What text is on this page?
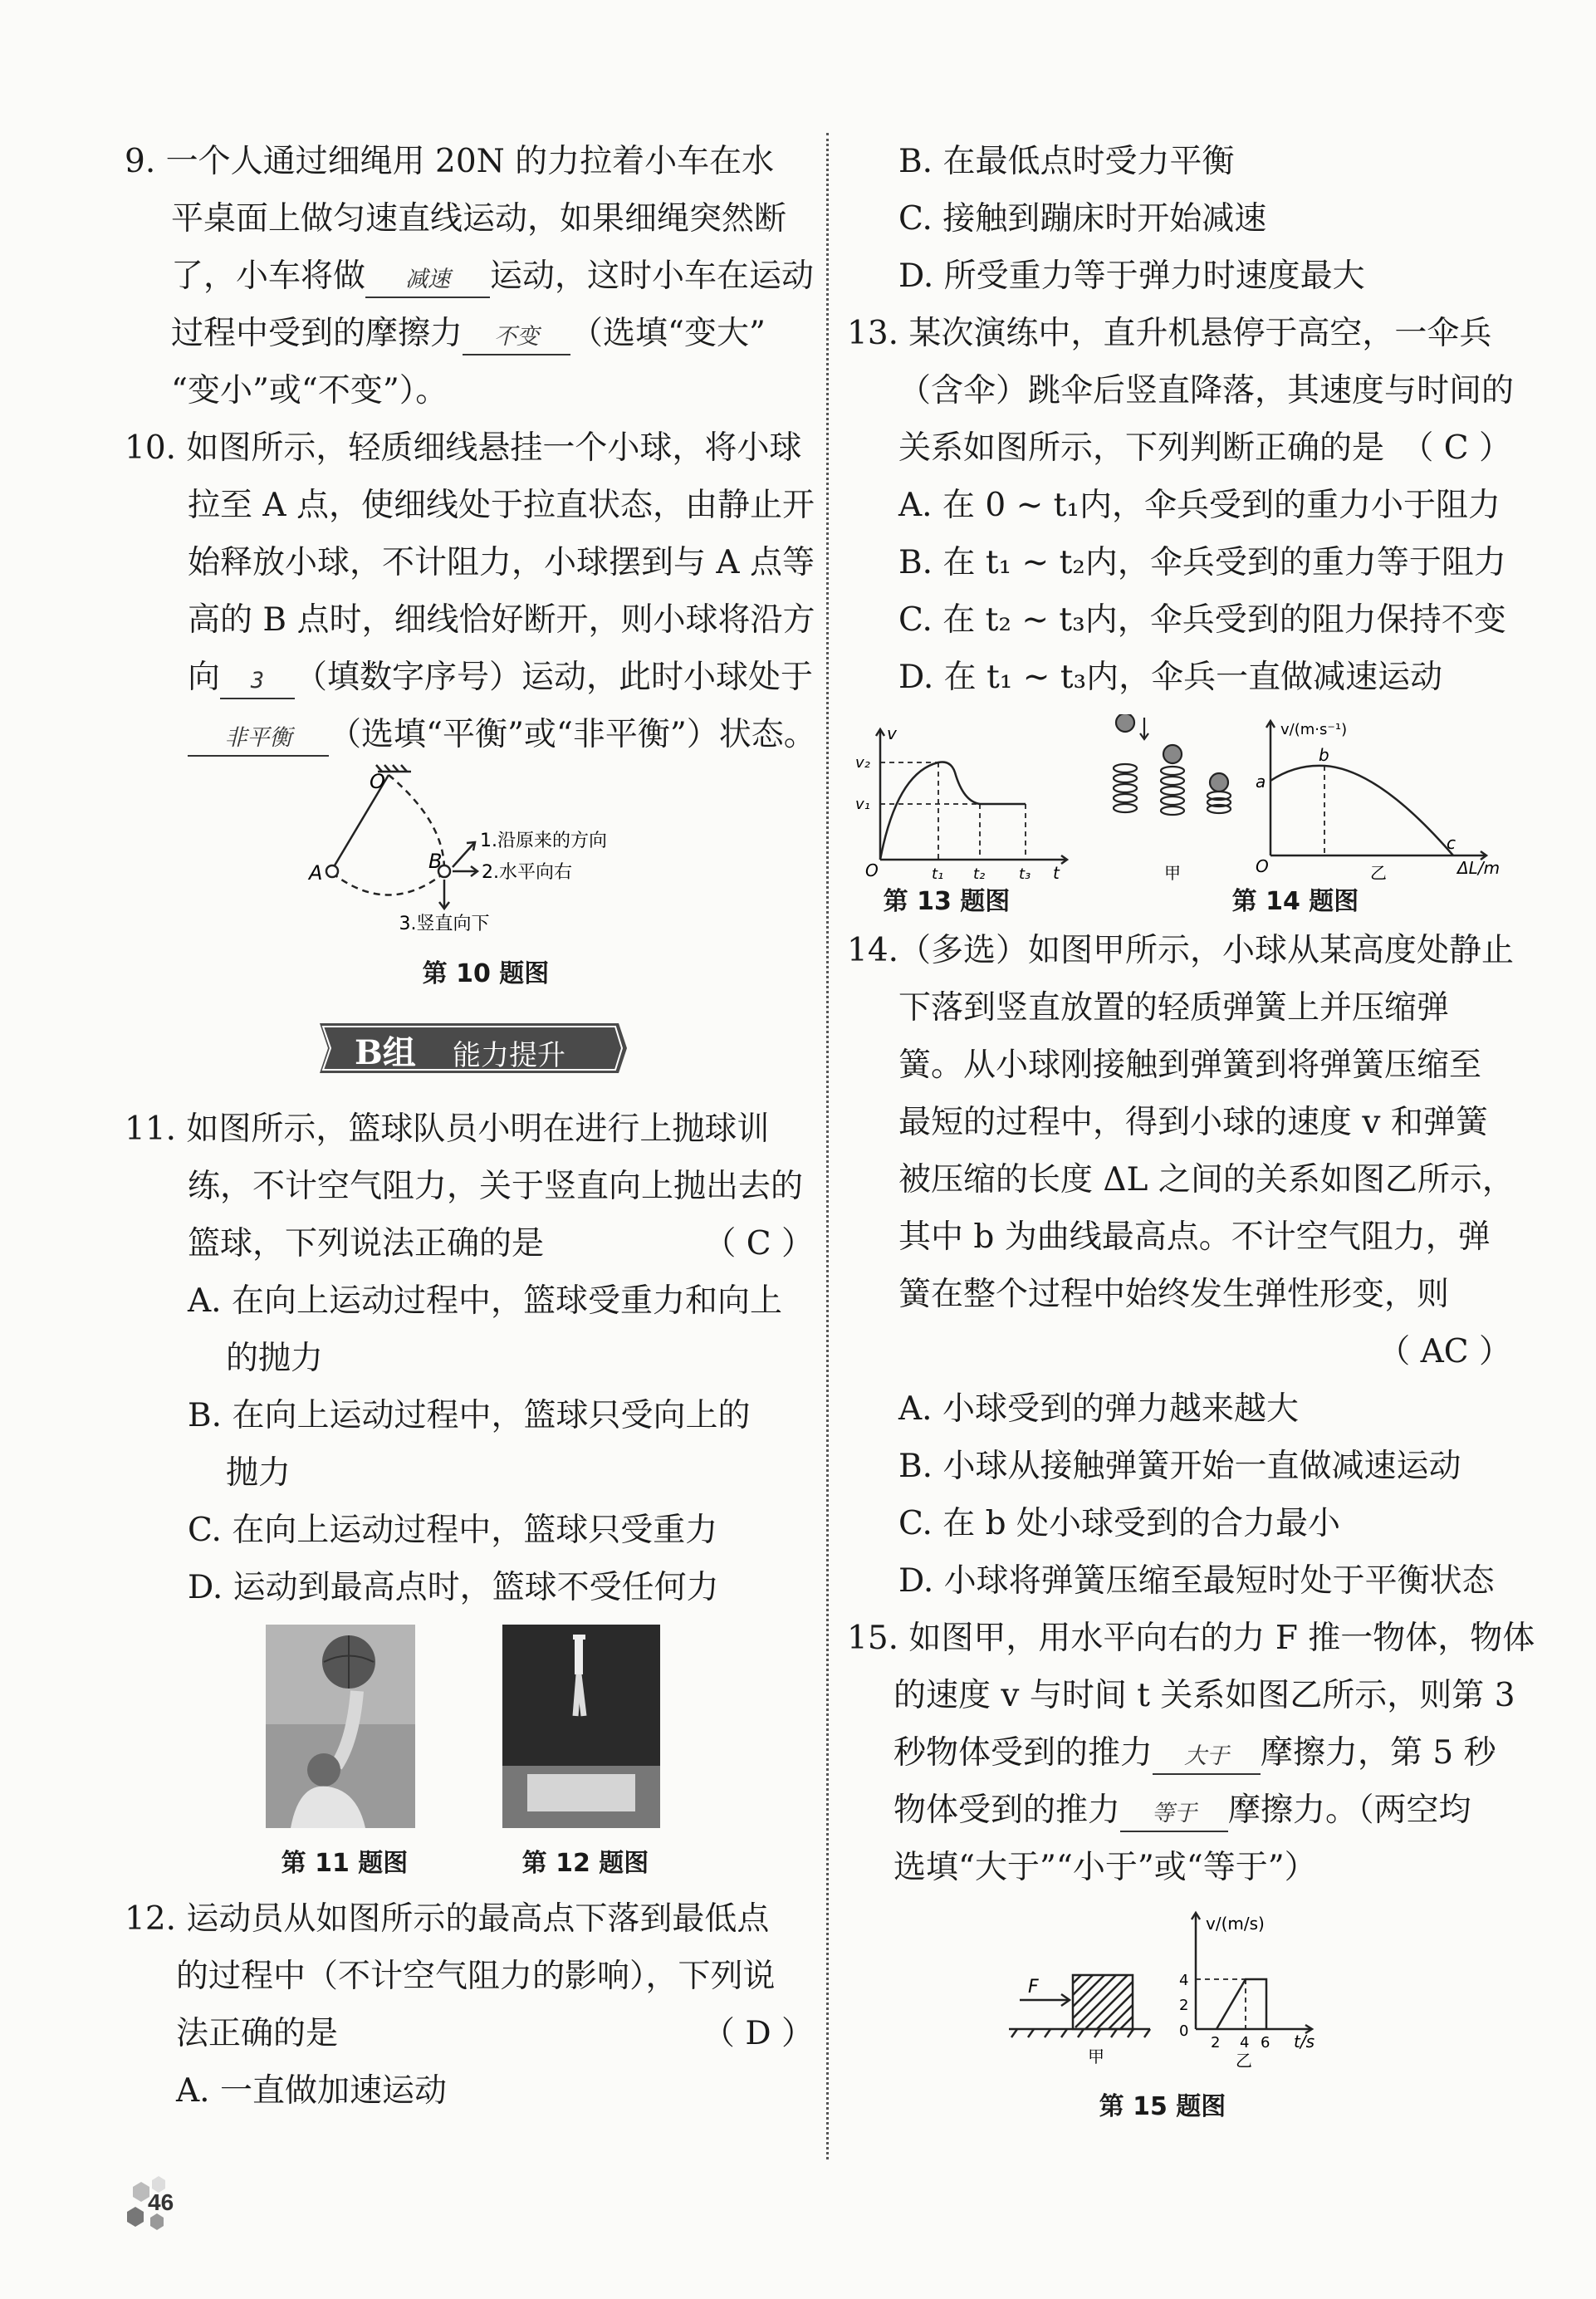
9. 一个人通过细绳用 20N 的力拉着小车在水
平桌面上做匀速直线运动，如果细绳突然断
了，小车将做 减速 运动，这时小车在运动
过程中受到的摩擦力 不变 （选填“变大”
“变小”或“不变”）。
10. 如图所示，轻质细线悬挂一个小球，将小球
拉至 A 点，使细线处于拉直状态，由静止开
始释放小球，不计阻力，小球摆到与 A 点等
高的 B 点时，细线恰好断开，则小球将沿方
向 3 （填数字序号）运动，此时小球处于
非平衡 （选填“平衡”或“非平衡”）状态。
O
A	B
1.沿原来的方向
2.水平向右
3.竖直向下
第 10 题图
B组 能力提升
11. 如图所示，篮球队员小明在进行上抛球训
练，不计空气阻力，关于竖直向上抛出去的
篮球，下列说法正确的是	（ C ）
A. 在向上运动过程中，篮球受重力和向上
的抛力
B. 在向上运动过程中，篮球只受向上的
抛力
C. 在向上运动过程中，篮球只受重力
D. 运动到最高点时，篮球不受任何力
第 11 题图	第 12 题图
12. 运动员从如图所示的最高点下落到最低点
的过程中（不计空气阻力的影响），下列说
法正确的是	（ D ）
A. 一直做加速运动
B. 在最低点时受力平衡
C. 接触到蹦床时开始减速
D. 所受重力等于弹力时速度最大
13. 某次演练中，直升机悬停于高空，一伞兵
（含伞）跳伞后竖直降落，其速度与时间的
关系如图所示，下列判断正确的是 （ C ）
A. 在 0 ~ t₁内，伞兵受到的重力小于阻力
B. 在 t₁ ~ t₂内，伞兵受到的重力等于阻力
C. 在 t₂ ~ t₃内，伞兵受到的阻力保持不变
D. 在 t₁ ~ t₃内，伞兵一直做减速运动
v
v₂
v₁
O	t₁ t₂ t₃ t	甲
v/(m·s⁻¹)
a
b
c
O	乙	ΔL/m
第 13 题图	第 14 题图
14.（多选）如图甲所示，小球从某高度处静止
下落到竖直放置的轻质弹簧上并压缩弹
簧。从小球刚接触到弹簧到将弹簧压缩至
最短的过程中，得到小球的速度 v 和弹簧
被压缩的长度 ΔL 之间的关系如图乙所示，
其中 b 为曲线最高点。不计空气阻力，弹
簧在整个过程中始终发生弹性形变，则
（ AC ）
A. 小球受到的弹力越来越大
B. 小球从接触弹簧开始一直做减速运动
C. 在 b 处小球受到的合力最小
D. 小球将弹簧压缩至最短时处于平衡状态
15. 如图甲，用水平向右的力 F 推一物体，物体
的速度 v 与时间 t 关系如图乙所示，则第 3
秒物体受到的推力 大于 摩擦力，第 5 秒
物体受到的推力 等于 摩擦力。（两空均
选填“大于”“小于”或“等于”）
F
甲
v/(m/s)
4
2
0
2 4 6 t/s
乙
第 15 题图
46
